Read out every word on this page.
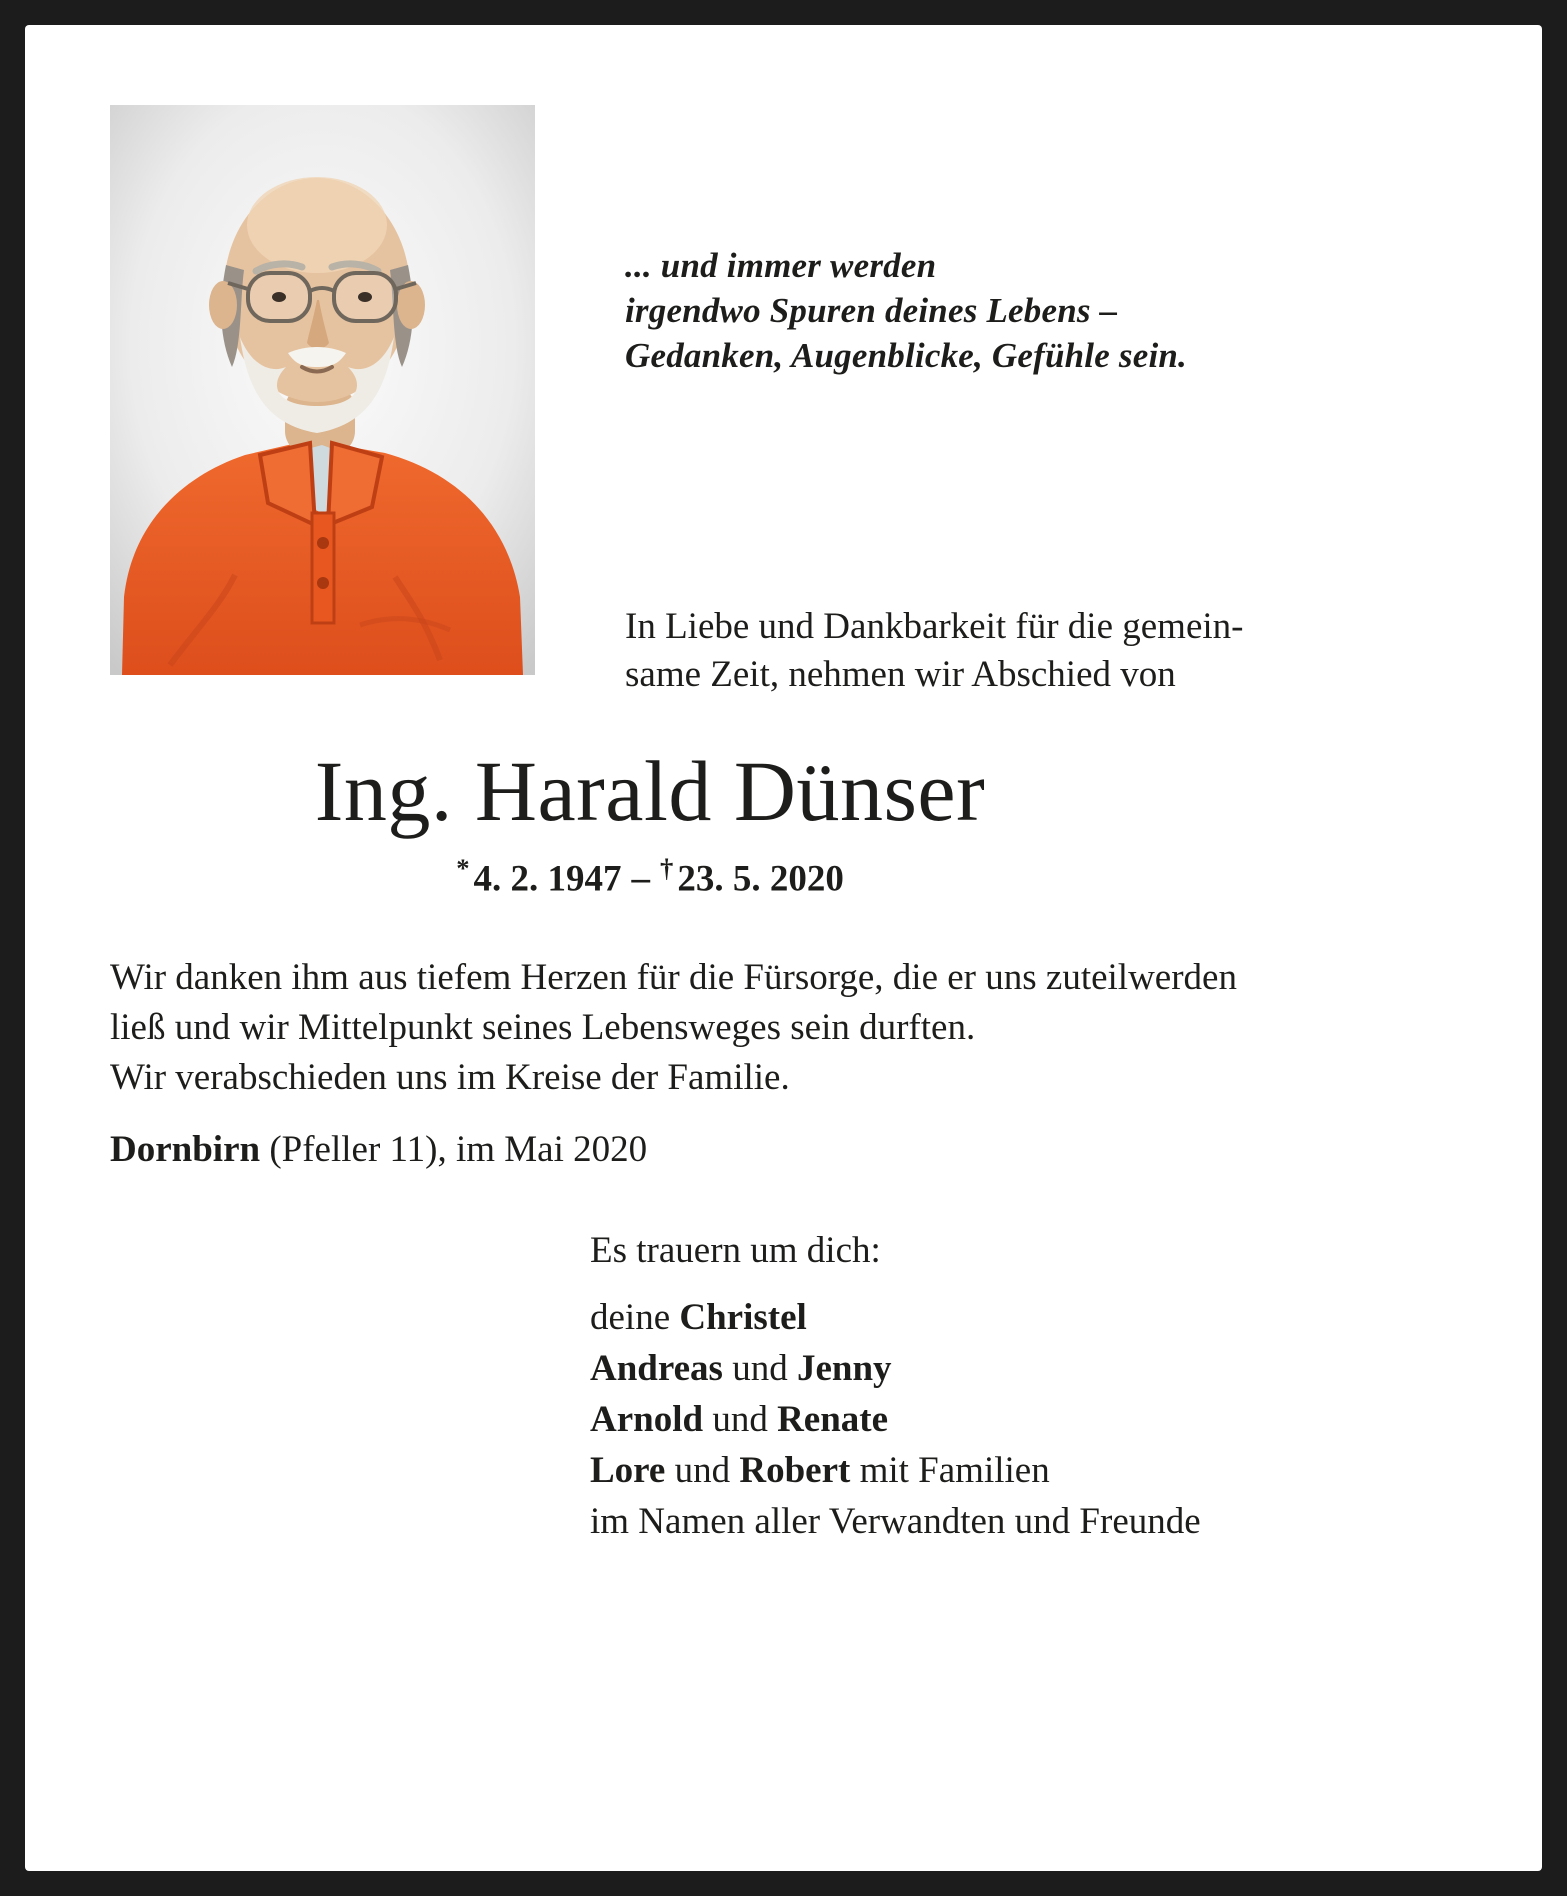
... und immer werden
irgendwo Spuren deines Lebens –
Gedanken, Augenblicke, Gefühle sein.
In Liebe und Dankbarkeit für die gemein-
same Zeit, nehmen wir Abschied von
Ing. Harald Dünser
* 4. 2. 1947 – † 23. 5. 2020
Wir danken ihm aus tiefem Herzen für die Fürsorge, die er uns zuteilwerden
ließ und wir Mittelpunkt seines Lebensweges sein durften.
Wir verabschieden uns im Kreise der Familie.
Dornbirn (Pfeller 11), im Mai 2020
Es trauern um dich:
deine Christel
Andreas und Jenny
Arnold und Renate
Lore und Robert mit Familien
im Namen aller Verwandten und Freunde
